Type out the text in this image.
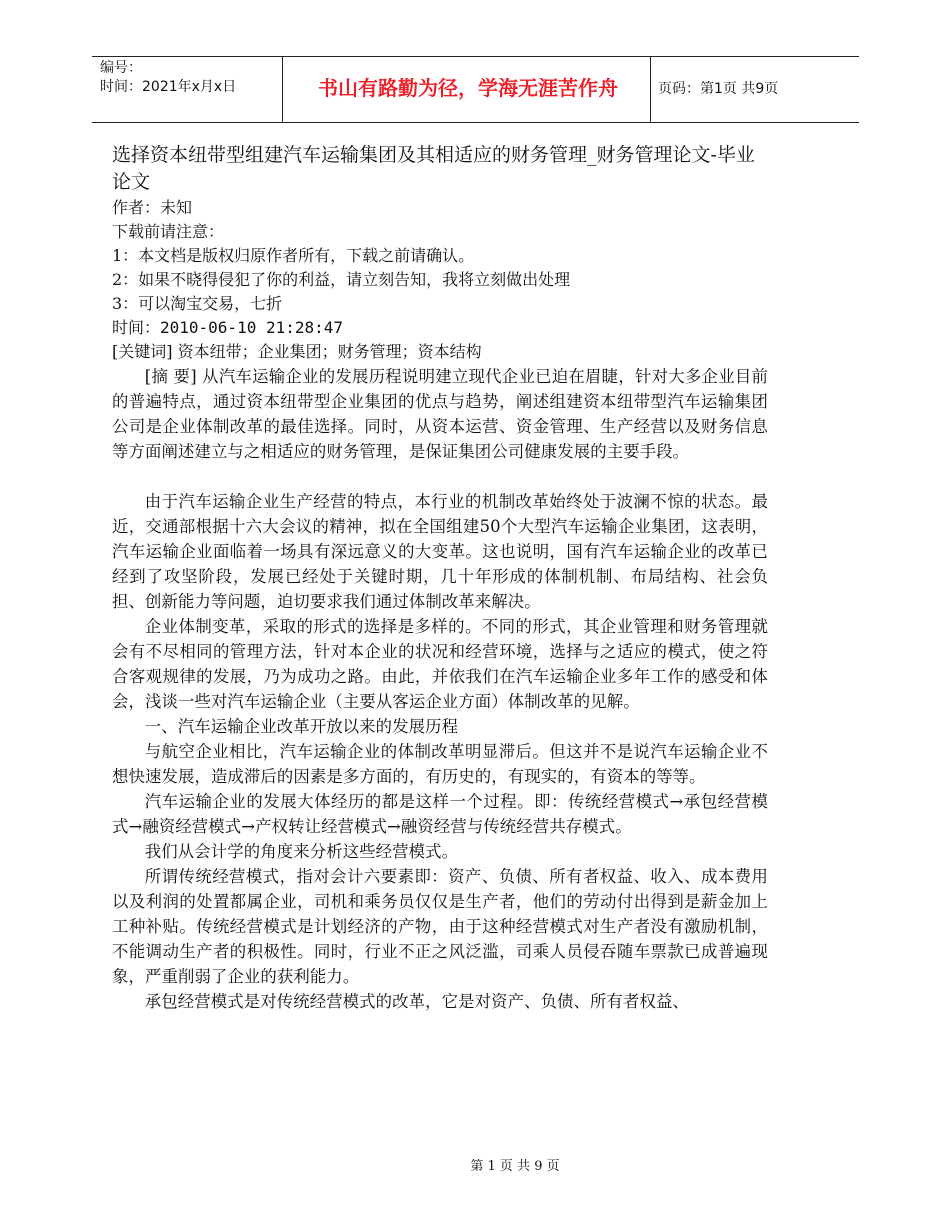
编号：
时间：2021年x月x日	书山有路勤为径，学海无涯苦作舟	页码：第1页 共9页
选择资本纽带型组建汽车运输集团及其相适应的财务管理_财务管理论文-毕业论文

作者：未知

下载前请注意：

1：本文档是版权归原作者所有，下载之前请确认。

2：如果不晓得侵犯了你的利益，请立刻告知，我将立刻做出处理

3：可以淘宝交易，七折

时间：2010-06-10 21:28:47

[关键词] 资本纽带；企业集团；财务管理；资本结构

[摘 要] 从汽车运输企业的发展历程说明建立现代企业已迫在眉睫，针对大多企业目前的普遍特点，通过资本纽带型企业集团的优点与趋势，阐述组建资本纽带型汽车运输集团公司是企业体制改革的最佳选择。同时，从资本运营、资金管理、生产经营以及财务信息等方面阐述建立与之相适应的财务管理，是保证集团公司健康发展的主要手段。

由于汽车运输企业生产经营的特点，本行业的机制改革始终处于波澜不惊的状态。最近，交通部根据十六大会议的精神，拟在全国组建50个大型汽车运输企业集团，这表明，汽车运输企业面临着一场具有深远意义的大变革。这也说明，国有汽车运输企业的改革已经到了攻坚阶段，发展已经处于关键时期，几十年形成的体制机制、布局结构、社会负担、创新能力等问题，迫切要求我们通过体制改革来解决。

企业体制变革，采取的形式的选择是多样的。不同的形式，其企业管理和财务管理就会有不尽相同的管理方法，针对本企业的状况和经营环境，选择与之适应的模式，使之符合客观规律的发展，乃为成功之路。由此，并依我们在汽车运输企业多年工作的感受和体会，浅谈一些对汽车运输企业（主要从客运企业方面）体制改革的见解。

一、汽车运输企业改革开放以来的发展历程

与航空企业相比，汽车运输企业的体制改革明显滞后。但这并不是说汽车运输企业不想快速发展，造成滞后的因素是多方面的，有历史的，有现实的，有资本的等等。

汽车运输企业的发展大体经历的都是这样一个过程。即：传统经营模式→承包经营模式→融资经营模式→产权转让经营模式→融资经营与传统经营共存模式。

我们从会计学的角度来分析这些经营模式。

所谓传统经营模式，指对会计六要素即：资产、负债、所有者权益、收入、成本费用以及利润的处置都属企业，司机和乘务员仅仅是生产者，他们的劳动付出得到是薪金加上工种补贴。传统经营模式是计划经济的产物，由于这种经营模式对生产者没有激励机制，不能调动生产者的积极性。同时，行业不正之风泛滥，司乘人员侵吞随车票款已成普遍现象，严重削弱了企业的获利能力。

承包经营模式是对传统经营模式的改革，它是对资产、负债、所有者权益、

第 1 页 共 9 页
